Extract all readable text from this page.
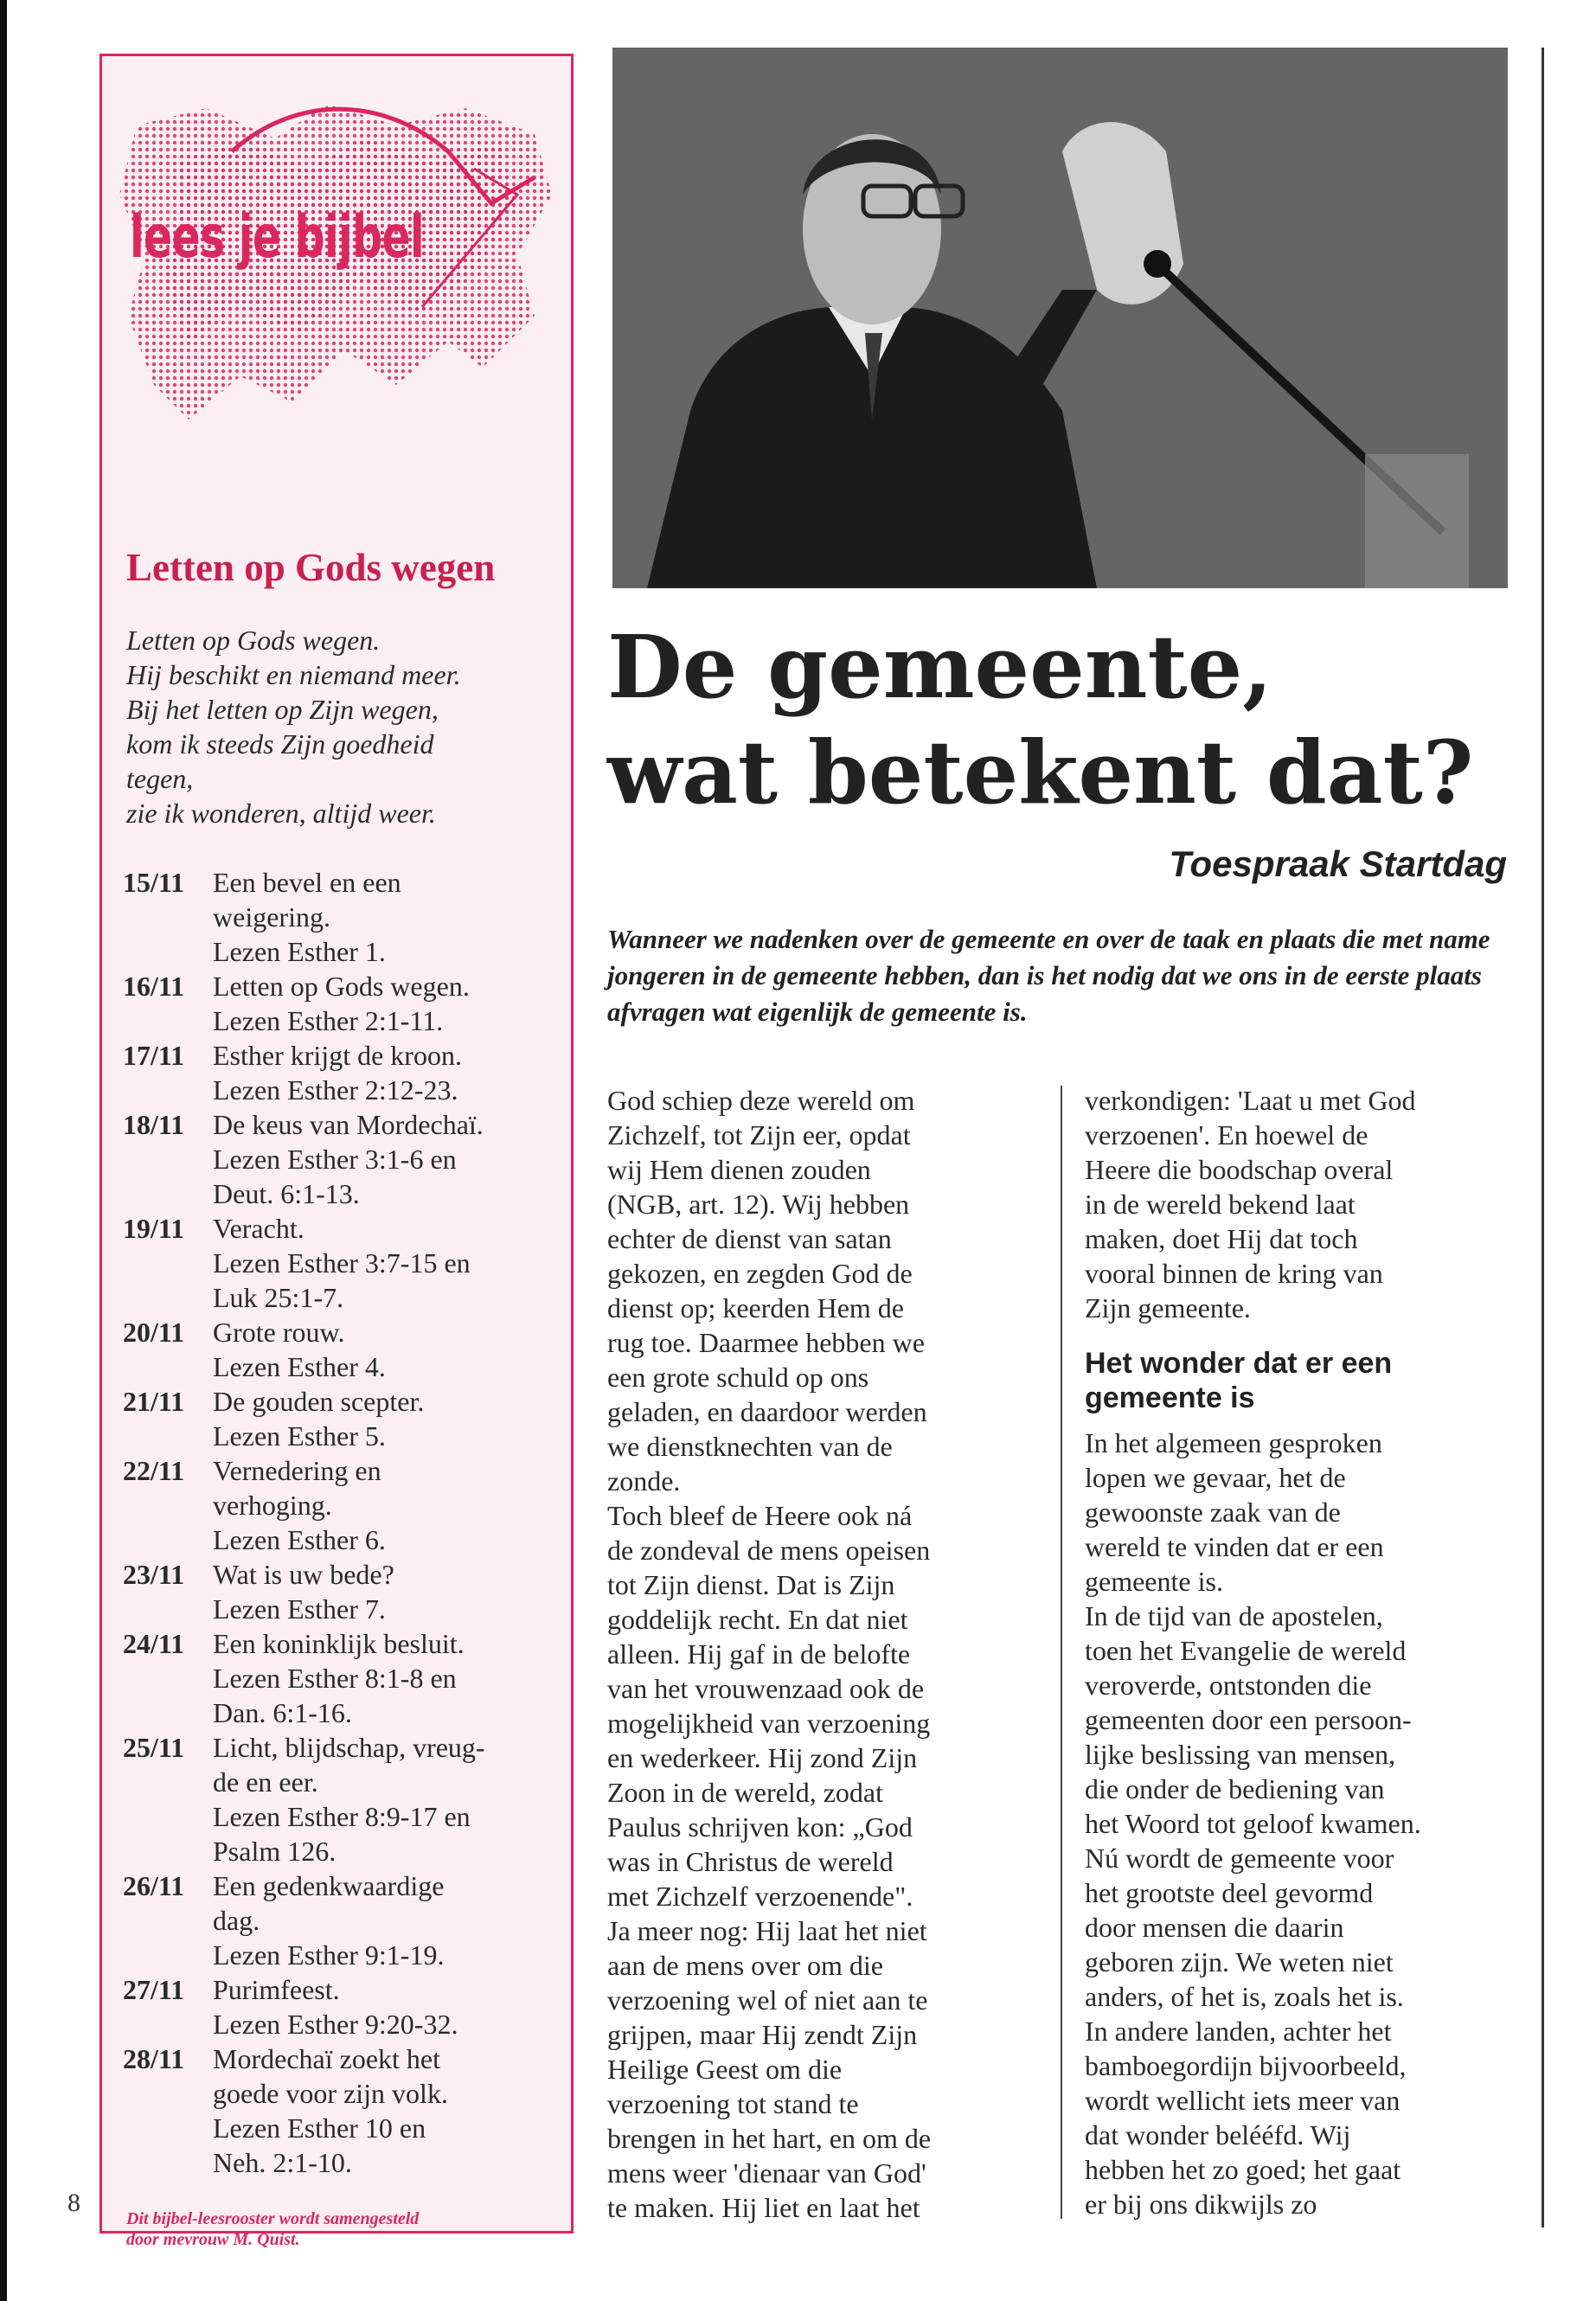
8
lees je bijbel
Letten op Gods wegen
Letten op Gods wegen.
Hij beschikt en niemand meer.
Bij het letten op Zijn wegen,
kom ik steeds Zijn goedheid
tegen,
zie ik wonderen, altijd weer.
15/11	Een bevel en een
weigering.
Lezen Esther 1.
16/11	Letten op Gods wegen.
Lezen Esther 2:1-11.
17/11	Esther krijgt de kroon.
Lezen Esther 2:12-23.
18/11	De keus van Mordechaï.
Lezen Esther 3:1-6 en
Deut. 6:1-13.
19/11	Veracht.
Lezen Esther 3:7-15 en
Luk 25:1-7.
20/11	Grote rouw.
Lezen Esther 4.
21/11	De gouden scepter.
Lezen Esther 5.
22/11	Vernedering en
verhoging.
Lezen Esther 6.
23/11	Wat is uw bede?
Lezen Esther 7.
24/11	Een koninklijk besluit.
Lezen Esther 8:1-8 en
Dan. 6:1-16.
25/11	Licht, blijdschap, vreug-
de en eer.
Lezen Esther 8:9-17 en
Psalm 126.
26/11	Een gedenkwaardige
dag.
Lezen Esther 9:1-19.
27/11	Purimfeest.
Lezen Esther 9:20-32.
28/11	Mordechaï zoekt het
goede voor zijn volk.
Lezen Esther 10 en
Neh. 2:1-10.
Dit bijbel-leesrooster wordt samengesteld
door mevrouw M. Quist.
De gemeente,
wat betekent dat?
Toespraak Startdag

Wanneer we nadenken over de gemeente en over de taak en plaats die met name jongeren in de gemeente hebben, dan is het nodig dat we ons in de eerste plaats afvragen wat eigenlijk de gemeente is.

God schiep deze wereld om
Zichzelf, tot Zijn eer, opdat
wij Hem dienen zouden
(NGB, art. 12). Wij hebben
echter de dienst van satan
gekozen, en zegden God de
dienst op; keerden Hem de
rug toe. Daarmee hebben we
een grote schuld op ons
geladen, en daardoor werden
we dienstknechten van de
zonde.
Toch bleef de Heere ook ná
de zondeval de mens opeisen
tot Zijn dienst. Dat is Zijn
goddelijk recht. En dat niet
alleen. Hij gaf in de belofte
van het vrouwenzaad ook de
mogelijkheid van verzoening
en wederkeer. Hij zond Zijn
Zoon in de wereld, zodat
Paulus schrijven kon: „God
was in Christus de wereld
met Zichzelf verzoenende".
Ja meer nog: Hij laat het niet
aan de mens over om die
verzoening wel of niet aan te
grijpen, maar Hij zendt Zijn
Heilige Geest om die
verzoening tot stand te
brengen in het hart, en om de
mens weer 'dienaar van God'
te maken. Hij liet en laat het
verkondigen: 'Laat u met God
verzoenen'. En hoewel de
Heere die boodschap overal
in de wereld bekend laat
maken, doet Hij dat toch
vooral binnen de kring van
Zijn gemeente.
Het wonder dat er een
gemeente is
In het algemeen gesproken
lopen we gevaar, het de
gewoonste zaak van de
wereld te vinden dat er een
gemeente is.
In de tijd van de apostelen,
toen het Evangelie de wereld
veroverde, ontstonden die
gemeenten door een persoon-
lijke beslissing van mensen,
die onder de bediening van
het Woord tot geloof kwamen.
Nú wordt de gemeente voor
het grootste deel gevormd
door mensen die daarin
geboren zijn. We weten niet
anders, of het is, zoals het is.
In andere landen, achter het
bamboegordijn bijvoorbeeld,
wordt wellicht iets meer van
dat wonder belééfd. Wij
hebben het zo goed; het gaat
er bij ons dikwijls zo
